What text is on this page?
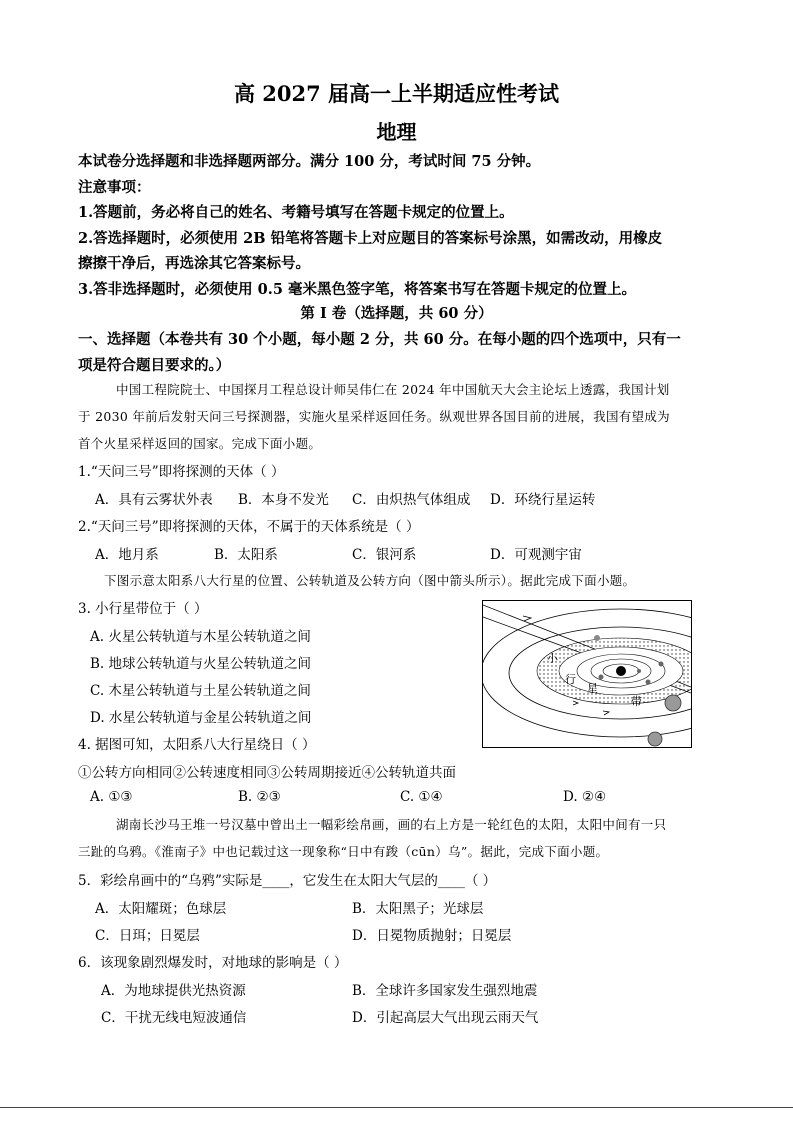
高 2027 届高一上半期适应性考试
地理
本试卷分选择题和非选择题两部分。满分 100 分，考试时间 75 分钟。
注意事项：
1.答题前，务必将自己的姓名、考籍号填写在答题卡规定的位置上。
2.答选择题时，必须使用 2B 铅笔将答题卡上对应题目的答案标号涂黑，如需改动，用橡皮
擦擦干净后，再选涂其它答案标号。
3.答非选择题时，必须使用 0.5 毫米黑色签字笔，将答案书写在答题卡规定的位置上。
第 I 卷（选择题，共 60 分）
一、选择题（本卷共有 30 个小题，每小题 2 分，共 60 分。在每小题的四个选项中，只有一
项是符合题目要求的。）
中国工程院院士、中国探月工程总设计师吴伟仁在 2024 年中国航天大会主论坛上透露，我国计划
于 2030 年前后发射天问三号探测器，实施火星采样返回任务。纵观世界各国目前的进展，我国有望成为
首个火星采样返回的国家。完成下面小题。
1.“天问三号”即将探测的天体（ ）
A．具有云雾状外表 B．本身不发光 C．由炽热气体组成 D．环绕行星运转
2.“天问三号”即将探测的天体，不属于的天体系统是（ ）
A．地月系	B．太阳系	C．银河系	D．可观测宇宙
下图示意太阳系八大行星的位置、公转轨道及公转方向（图中箭头所示）。据此完成下面小题。
3. 小行星带位于（ ）
A. 火星公转轨道与木星公转轨道之间
B. 地球公转轨道与火星公转轨道之间
C. 木星公转轨道与土星公转轨道之间
D. 水星公转轨道与金星公转轨道之间
小
行
星
带
4. 据图可知，太阳系八大行星绕日（ ）
①公转方向相同②公转速度相同③公转周期接近④公转轨道共面
A. ①③	B. ②③	C. ①④	D. ②④
湖南长沙马王堆一号汉墓中曾出土一幅彩绘帛画，画的右上方是一轮红色的太阳，太阳中间有一只
三趾的乌鸦。《淮南子》中也记载过这一现象称“日中有踆（cūn）乌”。据此，完成下面小题。
5．彩绘帛画中的“乌鸦”实际是____，它发生在太阳大气层的____（ ）
A．太阳耀斑；色球层	B．太阳黑子；光球层
C．日珥；日冕层	D．日冕物质抛射；日冕层
6．该现象剧烈爆发时，对地球的影响是（ ）
A．为地球提供光热资源	B．全球许多国家发生强烈地震
C．干扰无线电短波通信	D．引起高层大气出现云雨天气
